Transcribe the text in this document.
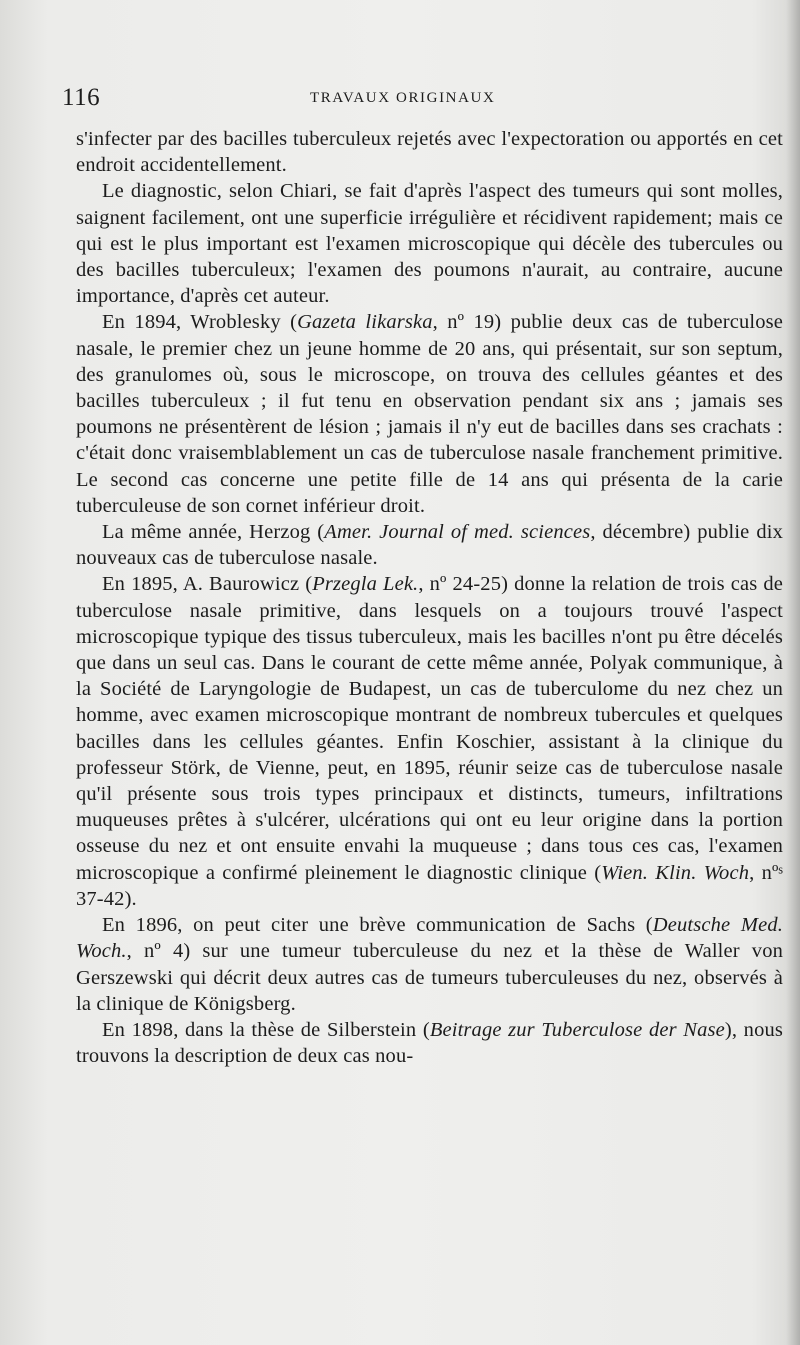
116	TRAVAUX ORIGINAUX

s'infecter par des bacilles tuberculeux rejetés avec l'expectoration ou apportés en cet endroit accidentellement.

Le diagnostic, selon Chiari, se fait d'après l'aspect des tumeurs qui sont molles, saignent facilement, ont une superficie irrégulière et récidivent rapidement; mais ce qui est le plus important est l'examen microscopique qui décèle des tubercules ou des bacilles tuberculeux; l'examen des poumons n'aurait, au contraire, aucune importance, d'après cet auteur.

En 1894, Wroblesky (Gazeta likarska, nº 19) publie deux cas de tuberculose nasale, le premier chez un jeune homme de 20 ans, qui présentait, sur son septum, des granulomes où, sous le microscope, on trouva des cellules géantes et des bacilles tuberculeux ; il fut tenu en observation pendant six ans ; jamais ses poumons ne présentèrent de lésion ; jamais il n'y eut de bacilles dans ses crachats : c'était donc vraisemblablement un cas de tuberculose nasale franchement primitive. Le second cas concerne une petite fille de 14 ans qui présenta de la carie tuberculeuse de son cornet inférieur droit.

La même année, Herzog (Amer. Journal of med. sciences, décembre) publie dix nouveaux cas de tuberculose nasale.

En 1895, A. Baurowicz (Przegla Lek., nº 24-25) donne la relation de trois cas de tuberculose nasale primitive, dans lesquels on a toujours trouvé l'aspect microscopique typique des tissus tuberculeux, mais les bacilles n'ont pu être décelés que dans un seul cas. Dans le courant de cette même année, Polyak communique, à la Société de Laryngologie de Budapest, un cas de tuberculome du nez chez un homme, avec examen microscopique montrant de nombreux tubercules et quelques bacilles dans les cellules géantes. Enfin Koschier, assistant à la clinique du professeur Störk, de Vienne, peut, en 1895, réunir seize cas de tuberculose nasale qu'il présente sous trois types principaux et distincts, tumeurs, infiltrations muqueuses prêtes à s'ulcérer, ulcérations qui ont eu leur origine dans la portion osseuse du nez et ont ensuite envahi la muqueuse ; dans tous ces cas, l'examen microscopique a confirmé pleinement le diagnostic clinique (Wien. Klin. Woch, nºˢ 37-42).

En 1896, on peut citer une brève communication de Sachs (Deutsche Med. Woch., nº 4) sur une tumeur tuberculeuse du nez et la thèse de Waller von Gerszewski qui décrit deux autres cas de tumeurs tuberculeuses du nez, observés à la clinique de Königsberg.

En 1898, dans la thèse de Silberstein (Beitrage zur Tuberculose der Nase), nous trouvons la description de deux cas nou-
